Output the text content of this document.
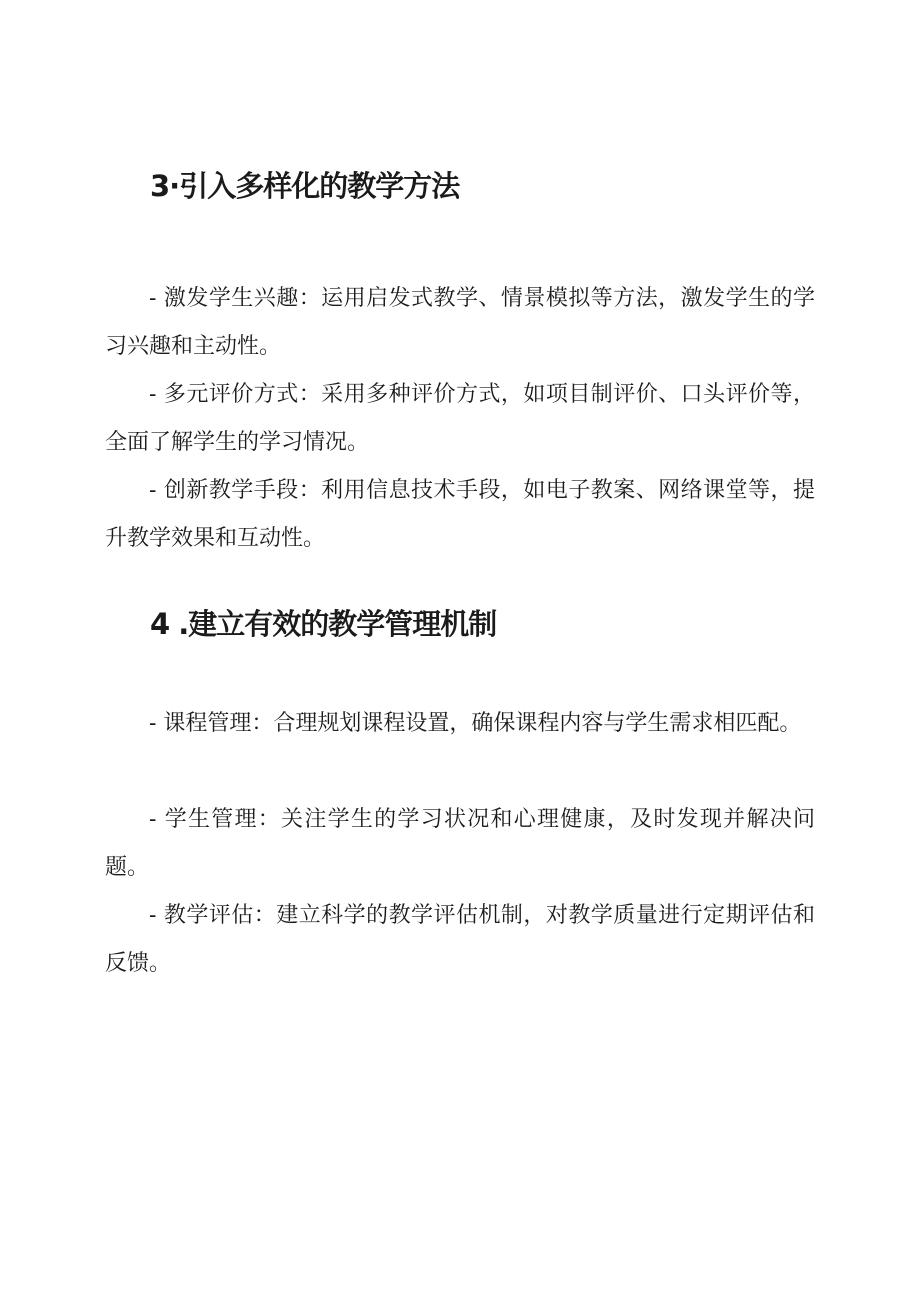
3·引入多样化的教学方法

- 激发学生兴趣：运用启发式教学、情景模拟等方法，激发学生的学习兴趣和主动性。

- 多元评价方式：采用多种评价方式，如项目制评价、口头评价等，全面了解学生的学习情况。

- 创新教学手段：利用信息技术手段，如电子教案、网络课堂等，提升教学效果和互动性。

4 .建立有效的教学管理机制

- 课程管理：合理规划课程设置，确保课程内容与学生需求相匹配。

- 学生管理：关注学生的学习状况和心理健康，及时发现并解决问题。

- 教学评估：建立科学的教学评估机制，对教学质量进行定期评估和反馈。
